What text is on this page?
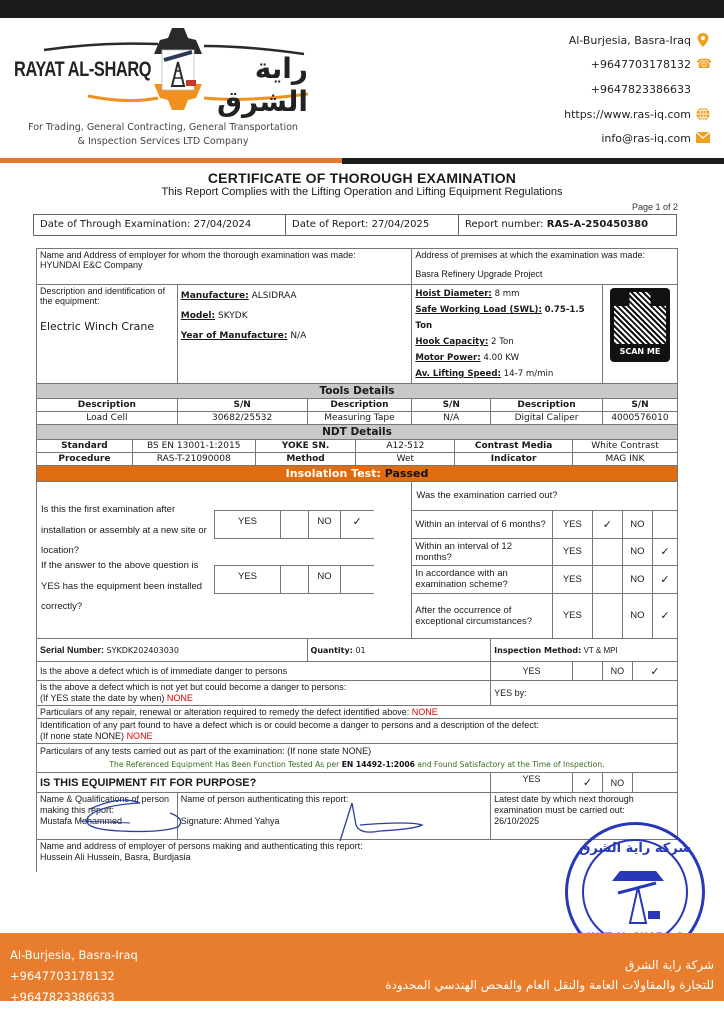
RAYAT AL-SHARQ	راية الشرق
For Trading, General Contracting, General Transportation
& Inspection Services LTD Company
Al-Burjesia, Basra-Iraq
+9647703178132 ☎
+9647823386633
https://www.ras-iq.com
info@ras-iq.com
CERTIFICATE OF THOROUGH EXAMINATION
This Report Complies with the Lifting Operation and Lifting Equipment Regulations
Page 1 of 2
Date of Through Examination: 27/04/2024	Date of Report: 27/04/2025	Report number: RAS-A-250450380
Name and Address of employer for whom the thorough examination was made:
HYUNDAI E&C Company

Address of premises at which the examination was made:
Basra Refinery Upgrade Project

Description and identification of the equipment:
Electric Winch Crane

Manufacture: ALSIDRAA
Model: SKYDK
Year of Manufacture: N/A

Hoist Diameter: 8 mm
Safe Working Load (SWL): 0.75-1.5 Ton
Hook Capacity: 2 Ton
Motor Power: 4.00 KW
Av. Lifting Speed: 14-7 m/min

SCAN ME

Tools Details
Description	S/N	Description	S/N	Description	S/N
Load Cell	30682/25532	Measuring Tape	N/A	Digital Caliper	4000576010
NDT Details
Standard	BS EN 13001-1:2015	YOKE SN.	A12-512	Contrast Media	White Contrast
Procedure	RAS-T-21090008	Method	Wet	Indicator	MAG INK
Insolation Test: Passed

Is this the first examination after installation or assembly at a new site or location?
YES		NO	✓
If the answer to the above question is YES has the equipment been installed correctly?
YES		NO	

Was the examination carried out?
Within an interval of 6 months?	YES	✓	NO	
Within an interval of 12 months?	YES		NO	✓
In accordance with an examination scheme?	YES		NO	✓
After the occurrence of exceptional circumstances?	YES		NO	✓

Serial Number: SYKDK202403030	Quantity: 01	Inspection Method: VT & MPI
Is the above a defect which is of immediate danger to persons	YES		NO	✓

Is the above a defect which is not yet but could become a danger to persons:
(If YES state the date by when) NONE	YES by:
Particulars of any repair, renewal or alteration required to remedy the defect identified above: NONE

Identification of any part found to have a defect which is or could become a danger to persons and a description of the defect:
(If none state NONE) NONE

Particulars of any tests carried out as part of the examination: (If none state NONE)
The Referenced Equipment Has Been Function Tested As per EN 14492-1:2006 and Found Satisfactory at the Time of Inspection.

IS THIS EQUIPMENT FIT FOR PURPOSE?	YES	✓	NO	

Name & Qualifications of person making this report:
Mustafa Mohammed

Name of person authenticating this report:
Signature: Ahmed Yahya

Latest date by which next thorough examination must be carried out:
26/10/2025

Name and address of employer of persons making and authenticating this report:
Hussein Ali Hussein, Basra, Burdjasia
شركة راية الشرق
Al-Burjesia, Basra-Iraq
+9647703178132
+9647823386633
شركة راية الشرق
للتجارة والمقاولات العامة والنقل العام والفحص الهندسي المحدودة
